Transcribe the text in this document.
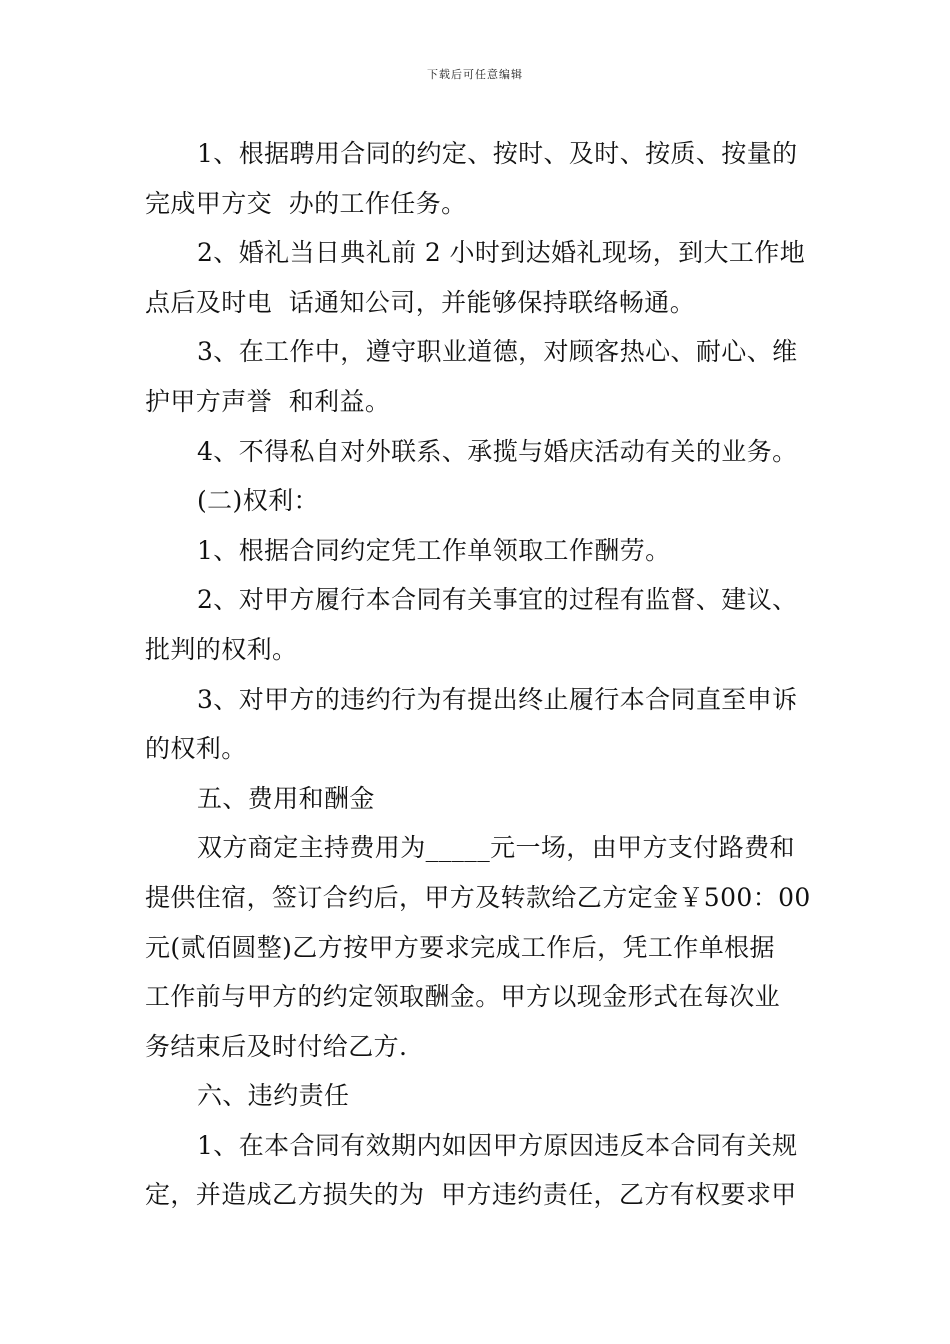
下载后可任意编辑

1、根据聘用合同的约定、按时、及时、按质、按量的

完成甲方交  办的工作任务。

2、婚礼当日典礼前 2 小时到达婚礼现场，到大工作地

点后及时电  话通知公司，并能够保持联络畅通。

3、在工作中，遵守职业道德，对顾客热心、耐心、维

护甲方声誉  和利益。

4、不得私自对外联系、承揽与婚庆活动有关的业务。

(二)权利：

1、根据合同约定凭工作单领取工作酬劳。

2、对甲方履行本合同有关事宜的过程有监督、建议、

批判的权利。

3、对甲方的违约行为有提出终止履行本合同直至申诉

的权利。

五、费用和酬金

双方商定主持费用为_____元一场，由甲方支付路费和

提供住宿，签订合约后，甲方及转款给乙方定金￥500：00

元(贰佰圆整)乙方按甲方要求完成工作后，凭工作单根据

工作前与甲方的约定领取酬金。甲方以现金形式在每次业

务结束后及时付给乙方.

六、违约责任

1、在本合同有效期内如因甲方原因违反本合同有关规

定，并造成乙方损失的为  甲方违约责任，乙方有权要求甲
